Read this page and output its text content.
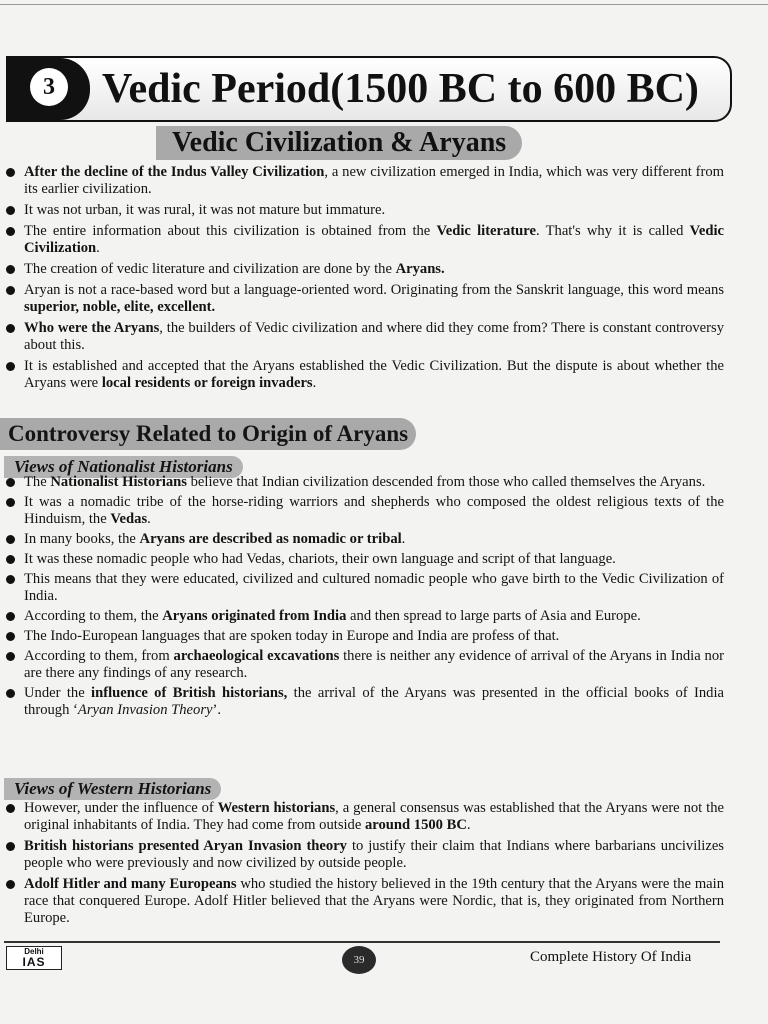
3	Vedic Period(1500 BC to 600 BC)
Vedic Civilization & Aryans
After the decline of the Indus Valley Civilization, a new civilization emerged in India, which was very different from its earlier civilization.
It was not urban, it was rural, it was not mature but immature.
The entire information about this civilization is obtained from the Vedic literature. That's why it is called Vedic Civilization.
The creation of vedic literature and civilization are done by the Aryans.
Aryan is not a race-based word but a language-oriented word. Originating from the Sanskrit language, this word means superior, noble, elite, excellent.
Who were the Aryans, the builders of Vedic civilization and where did they come from? There is constant controversy about this.
It is established and accepted that the Aryans established the Vedic Civilization. But the dispute is about whether the Aryans were local residents or foreign invaders.
Controversy Related to Origin of Aryans
Views of Nationalist Historians
The Nationalist Historians believe that Indian civilization descended from those who called themselves the Aryans.
It was a nomadic tribe of the horse-riding warriors and shepherds who composed the oldest religious texts of the Hinduism, the Vedas.
In many books, the Aryans are described as nomadic or tribal.
It was these nomadic people who had Vedas, chariots, their own language and script of that language.
This means that they were educated, civilized and cultured nomadic people who gave birth to the Vedic Civilization of India.
According to them, the Aryans originated from India and then spread to large parts of Asia and Europe.
The Indo-European languages that are spoken today in Europe and India are profess of that.
According to them, from archaeological excavations there is neither any evidence of arrival of the Aryans in India nor are there any findings of any research.
Under the influence of British historians, the arrival of the Aryans was presented in the official books of India through ‘Aryan Invasion Theory’.
Views of Western Historians
However, under the influence of Western historians, a general consensus was established that the Aryans were not the original inhabitants of India. They had come from outside around 1500 BC.
British historians presented Aryan Invasion theory to justify their claim that Indians where barbarians uncivilizes people who were previously and now civilized by outside people.
Adolf Hitler and many Europeans who studied the history believed in the 19th century that the Aryans were the main race that conquered Europe. Adolf Hitler believed that the Aryans were Nordic, that is, they originated from Northern Europe.
Delhi
IAS	39	Complete History Of India
